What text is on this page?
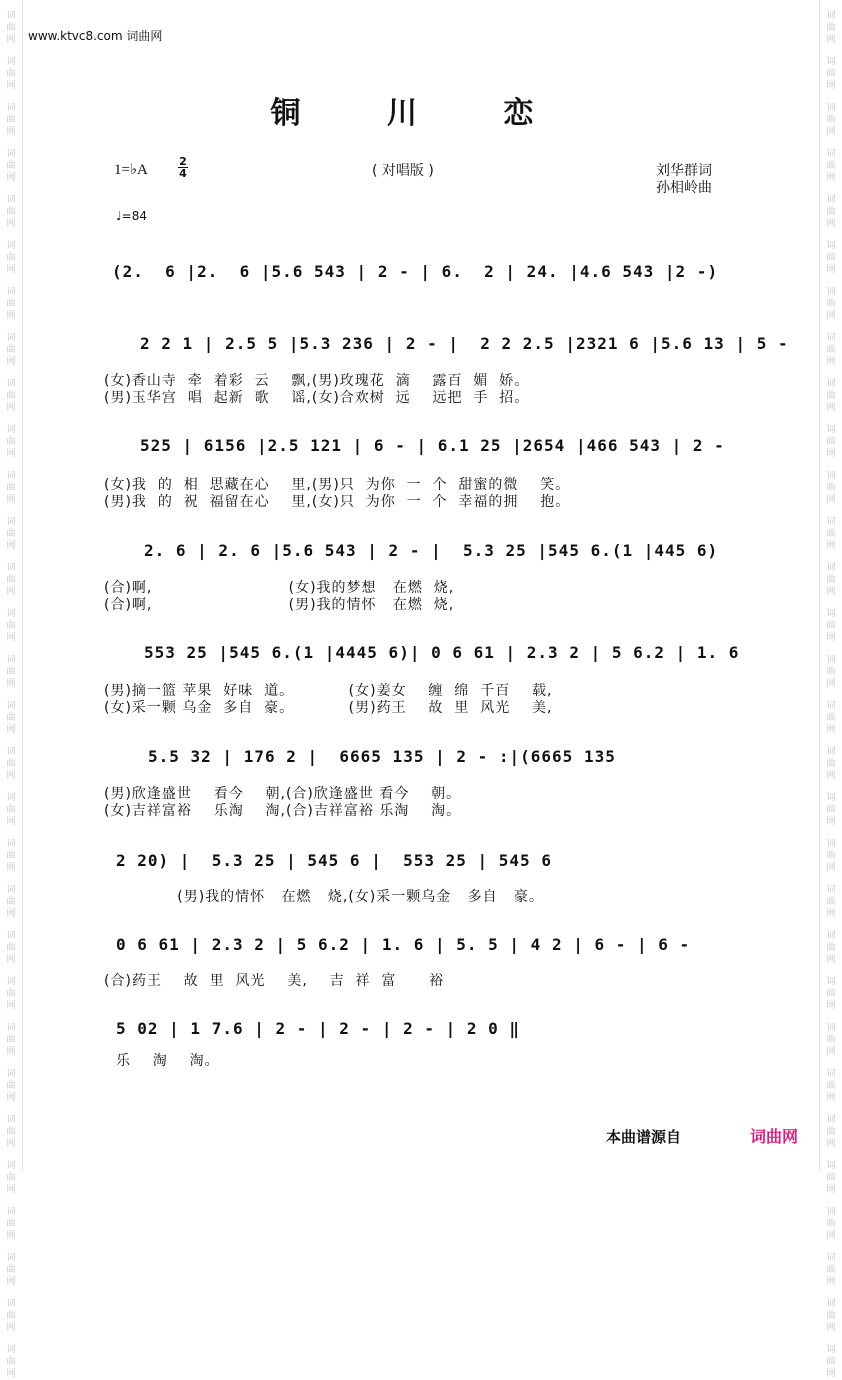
词曲网
词曲网
词曲网
词曲网
词曲网
词曲网
词曲网
词曲网
词曲网
词曲网
词曲网
词曲网
词曲网
词曲网
词曲网
词曲网
词曲网
词曲网
词曲网
词曲网
词曲网
词曲网
词曲网
词曲网
词曲网
词曲网
词曲网
词曲网
词曲网
词曲网
词曲网
词曲网
词曲网
词曲网
词曲网
词曲网
词曲网
词曲网
词曲网
词曲网
词曲网
词曲网
词曲网
词曲网
词曲网
词曲网
词曲网
词曲网
词曲网
词曲网
词曲网
词曲网
词曲网
词曲网
词曲网
词曲网
词曲网
词曲网
词曲网
词曲网
www.ktvc8.com 词曲网
铜 川 恋
1=♭A
2
4	( 对唱版 )	刘华群词
孙相岭曲
♩=84
(2.  6 |2.  6 |5.6 543 | 2 - | 6.  2 | 24. |4.6 543 |2 -)
2 2 1 | 2.5 5 |5.3 236 | 2 - |  2 2 2.5 |2321 6 |5.6 13 | 5 -
(女)香山寺  牵  着彩  云    飘,(男)玫瑰花  滴    露百  媚  娇。
(男)玉华宫  唱  起新  歌    谣,(女)合欢树  远    远把  手  招。
525 | 6156 |2.5 121 | 6 - | 6.1 25 |2654 |466 543 | 2 -
(女)我  的  相  思藏在心    里,(男)只  为你  一  个  甜蜜的微    笑。
(男)我  的  祝  福留在心    里,(女)只  为你  一  个  幸福的拥    抱。
2. 6 | 2. 6 |5.6 543 | 2 - |  5.3 25 |545 6.(1 |445 6)
(合)啊,                         (女)我的梦想   在燃  烧,
(合)啊,                         (男)我的情怀   在燃  烧,
553 25 |545 6.(1 |4445 6)| 0 6 61 | 2.3 2 | 5 6.2 | 1. 6
(男)摘一篮 苹果  好味  道。          (女)姜女    缠  绵  千百    载,
(女)采一颗 乌金  多自  豪。          (男)药王    故  里  风光    美,
5.5 32 | 176 2 |  6665 135 | 2 - :|(6665 135
(男)欣逢盛世    看今    朝,(合)欣逢盛世 看今    朝。
(女)吉祥富裕    乐淘    淘,(合)吉祥富裕 乐淘    淘。
2 20) |  5.3 25 | 545 6 |  553 25 | 545 6
(男)我的情怀   在燃   烧,(女)采一颗乌金   多自   豪。
0 6 61 | 2.3 2 | 5 6.2 | 1. 6 | 5. 5 | 4 2 | 6 - | 6 -
(合)药王    故  里  风光    美,    吉  祥  富      裕
5 02 | 1 7.6 | 2 - | 2 - | 2 - | 2 0 ‖
乐    淘    淘。
本曲谱源自	词曲网
